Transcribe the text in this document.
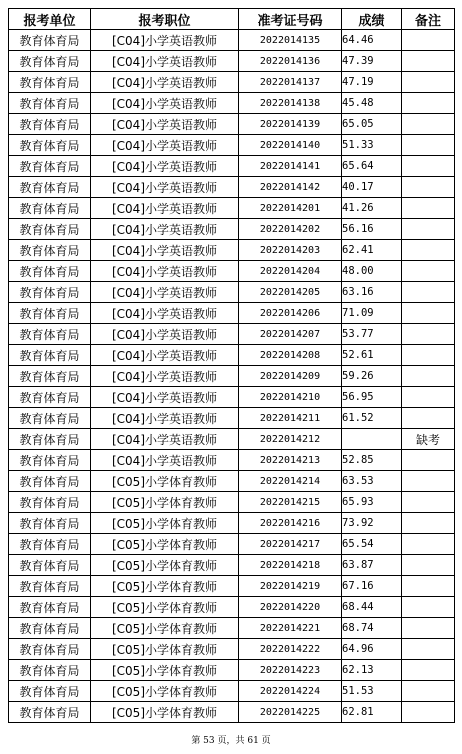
报考单位	报考职位	准考证号码	成绩	备注
教育体育局	[C04]小学英语教师	2022014135	64.46	
教育体育局	[C04]小学英语教师	2022014136	47.39	
教育体育局	[C04]小学英语教师	2022014137	47.19	
教育体育局	[C04]小学英语教师	2022014138	45.48	
教育体育局	[C04]小学英语教师	2022014139	65.05	
教育体育局	[C04]小学英语教师	2022014140	51.33	
教育体育局	[C04]小学英语教师	2022014141	65.64	
教育体育局	[C04]小学英语教师	2022014142	40.17	
教育体育局	[C04]小学英语教师	2022014201	41.26	
教育体育局	[C04]小学英语教师	2022014202	56.16	
教育体育局	[C04]小学英语教师	2022014203	62.41	
教育体育局	[C04]小学英语教师	2022014204	48.00	
教育体育局	[C04]小学英语教师	2022014205	63.16	
教育体育局	[C04]小学英语教师	2022014206	71.09	
教育体育局	[C04]小学英语教师	2022014207	53.77	
教育体育局	[C04]小学英语教师	2022014208	52.61	
教育体育局	[C04]小学英语教师	2022014209	59.26	
教育体育局	[C04]小学英语教师	2022014210	56.95	
教育体育局	[C04]小学英语教师	2022014211	61.52	
教育体育局	[C04]小学英语教师	2022014212		缺考
教育体育局	[C04]小学英语教师	2022014213	52.85	
教育体育局	[C05]小学体育教师	2022014214	63.53	
教育体育局	[C05]小学体育教师	2022014215	65.93	
教育体育局	[C05]小学体育教师	2022014216	73.92	
教育体育局	[C05]小学体育教师	2022014217	65.54	
教育体育局	[C05]小学体育教师	2022014218	63.87	
教育体育局	[C05]小学体育教师	2022014219	67.16	
教育体育局	[C05]小学体育教师	2022014220	68.44	
教育体育局	[C05]小学体育教师	2022014221	68.74	
教育体育局	[C05]小学体育教师	2022014222	64.96	
教育体育局	[C05]小学体育教师	2022014223	62.13	
教育体育局	[C05]小学体育教师	2022014224	51.53	
教育体育局	[C05]小学体育教师	2022014225	62.81	
第 53 页，共 61 页
